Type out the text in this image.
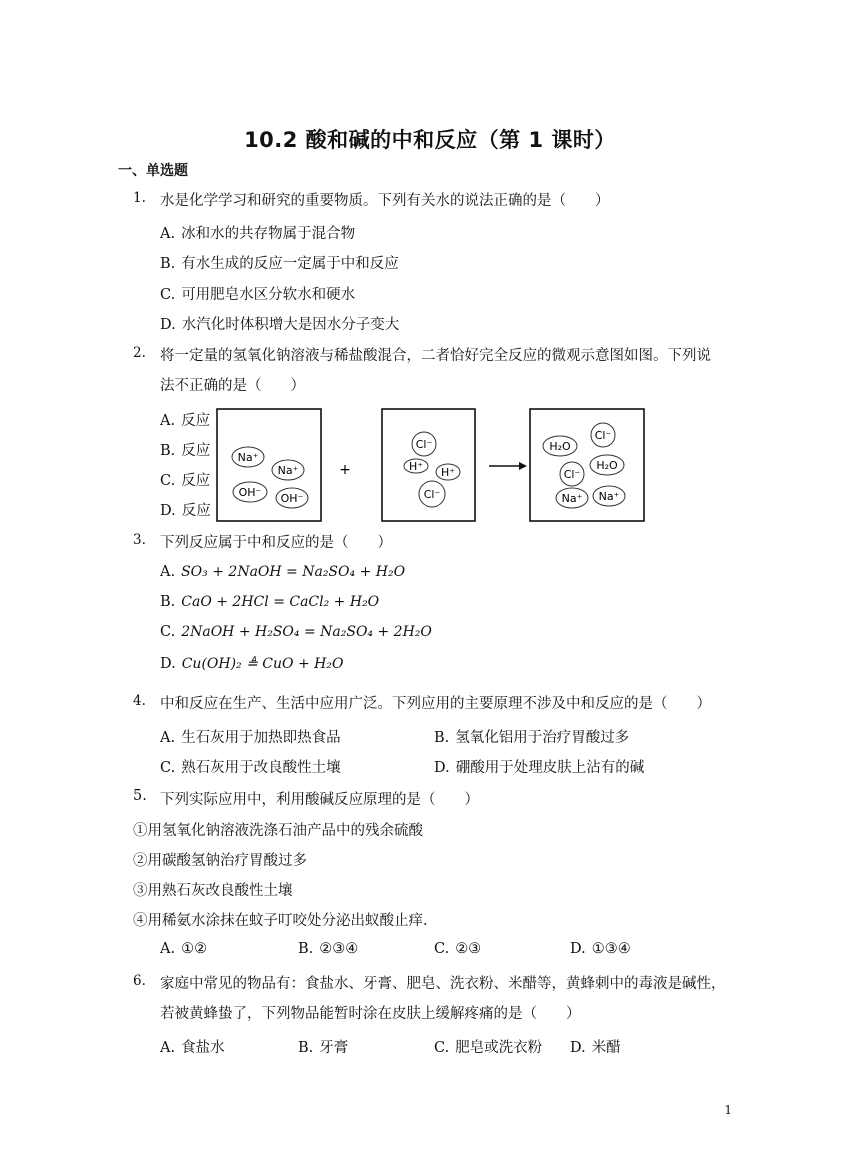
10.2 酸和碱的中和反应（第 1 课时）
一、单选题
1. 水是化学学习和研究的重要物质。下列有关水的说法正确的是（　　）
A. 冰和水的共存物属于混合物
B. 有水生成的反应一定属于中和反应
C. 可用肥皂水区分软水和硬水
D. 水汽化时体积增大是因水分子变大
2. 将一定量的氢氧化钠溶液与稀盐酸混合，二者恰好完全反应的微观示意图如图。下列说
法不正确的是（　　）
A. 反应
B. 反应
C. 反应
D. 反应
Na⁺
Na⁺
OH⁻ OH⁻
+
Cl⁻
H⁺ H⁺
Cl⁻
H₂O
Cl⁻
Cl⁻
H₂O
Na⁺ Na⁺
3. 下列反应属于中和反应的是（　　）
A. SO₃ + 2NaOH = Na₂SO₄ + H₂O
B. CaO + 2HCl = CaCl₂ + H₂O
C. 2NaOH + H₂SO₄ = Na₂SO₄ + 2H₂O
D. Cu(OH)₂ ≜ CuO + H₂O
4. 中和反应在生产、生活中应用广泛。下列应用的主要原理不涉及中和反应的是（　　）
A. 生石灰用于加热即热食品	B. 氢氧化铝用于治疗胃酸过多
C. 熟石灰用于改良酸性土壤	D. 硼酸用于处理皮肤上沾有的碱
5. 下列实际应用中，利用酸碱反应原理的是（　　）
①用氢氧化钠溶液洗涤石油产品中的残余硫酸
②用碳酸氢钠治疗胃酸过多
③用熟石灰改良酸性土壤
④用稀氨水涂抹在蚊子叮咬处分泌出蚁酸止痒.
A. ①②	B. ②③④	C. ②③	D. ①③④
6. 家庭中常见的物品有：食盐水、牙膏、肥皂、洗衣粉、米醋等，黄蜂刺中的毒液是碱性，
若被黄蜂蛰了，下列物品能暂时涂在皮肤上缓解疼痛的是（　　）
A. 食盐水	B. 牙膏	C. 肥皂或洗衣粉 D. 米醋
1
